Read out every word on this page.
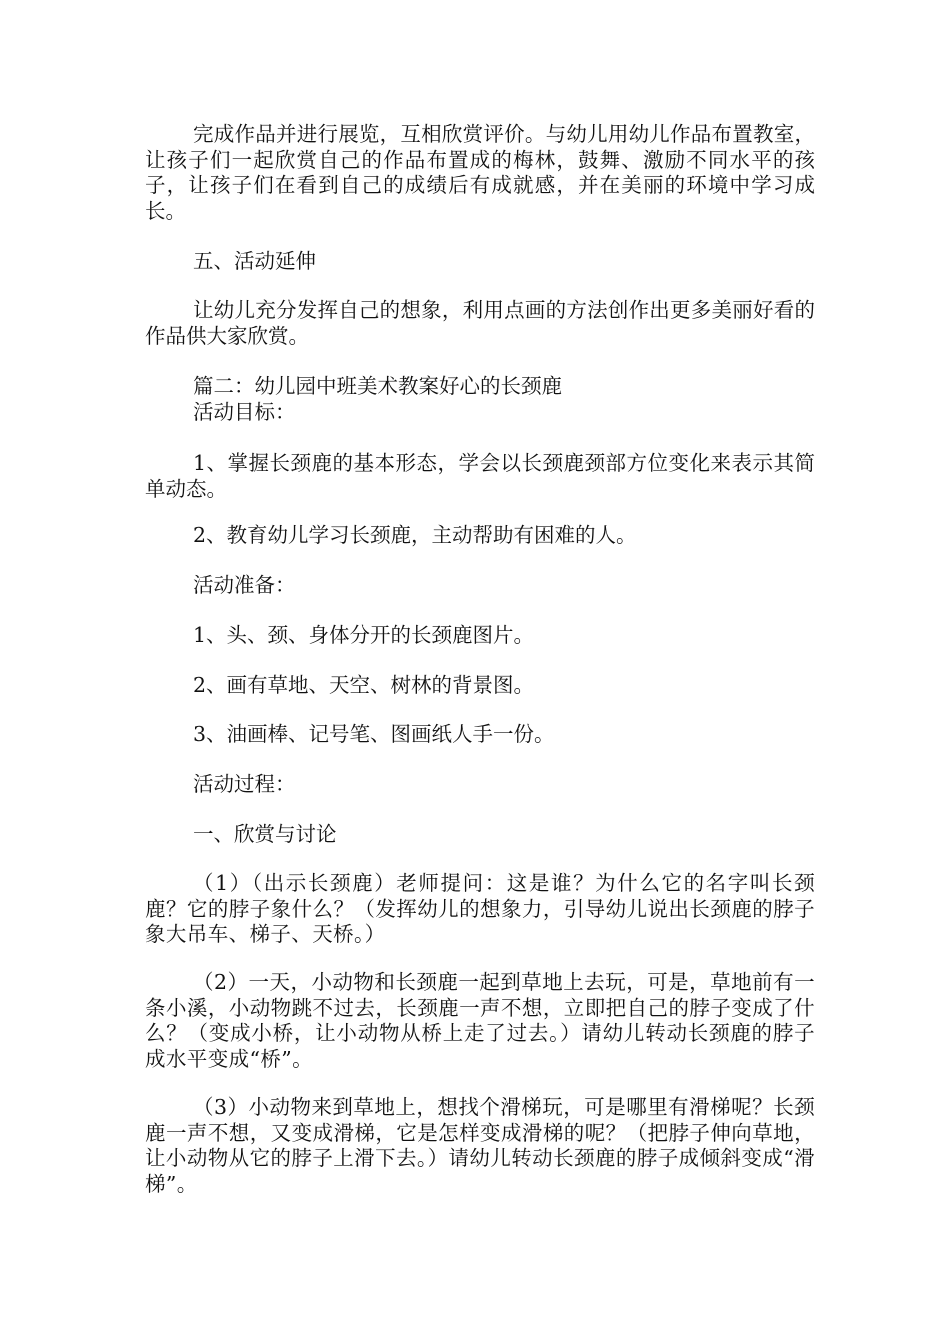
完成作品并进行展览，互相欣赏评价。与幼儿用幼儿作品布置教室，让孩子们一起欣赏自己的作品布置成的梅林，鼓舞、激励不同水平的孩子，让孩子们在看到自己的成绩后有成就感，并在美丽的环境中学习成长。

五、活动延伸

让幼儿充分发挥自己的想象，利用点画的方法创作出更多美丽好看的作品供大家欣赏。

篇二：幼儿园中班美术教案好心的长颈鹿

活动目标：

1、掌握长颈鹿的基本形态，学会以长颈鹿颈部方位变化来表示其简单动态。

2、教育幼儿学习长颈鹿，主动帮助有困难的人。

活动准备：

1、头、颈、身体分开的长颈鹿图片。

2、画有草地、天空、树林的背景图。

3、油画棒、记号笔、图画纸人手一份。

活动过程：

一、欣赏与讨论

（1）（出示长颈鹿）老师提问：这是谁？为什么它的名字叫长颈鹿？它的脖子象什么？（发挥幼儿的想象力，引导幼儿说出长颈鹿的脖子象大吊车、梯子、天桥。）

（2）一天，小动物和长颈鹿一起到草地上去玩，可是，草地前有一条小溪，小动物跳不过去，长颈鹿一声不想，立即把自己的脖子变成了什么？（变成小桥，让小动物从桥上走了过去。）请幼儿转动长颈鹿的脖子成水平变成“桥”。

（3）小动物来到草地上，想找个滑梯玩，可是哪里有滑梯呢？长颈鹿一声不想，又变成滑梯，它是怎样变成滑梯的呢？（把脖子伸向草地，让小动物从它的脖子上滑下去。）请幼儿转动长颈鹿的脖子成倾斜变成“滑梯”。
